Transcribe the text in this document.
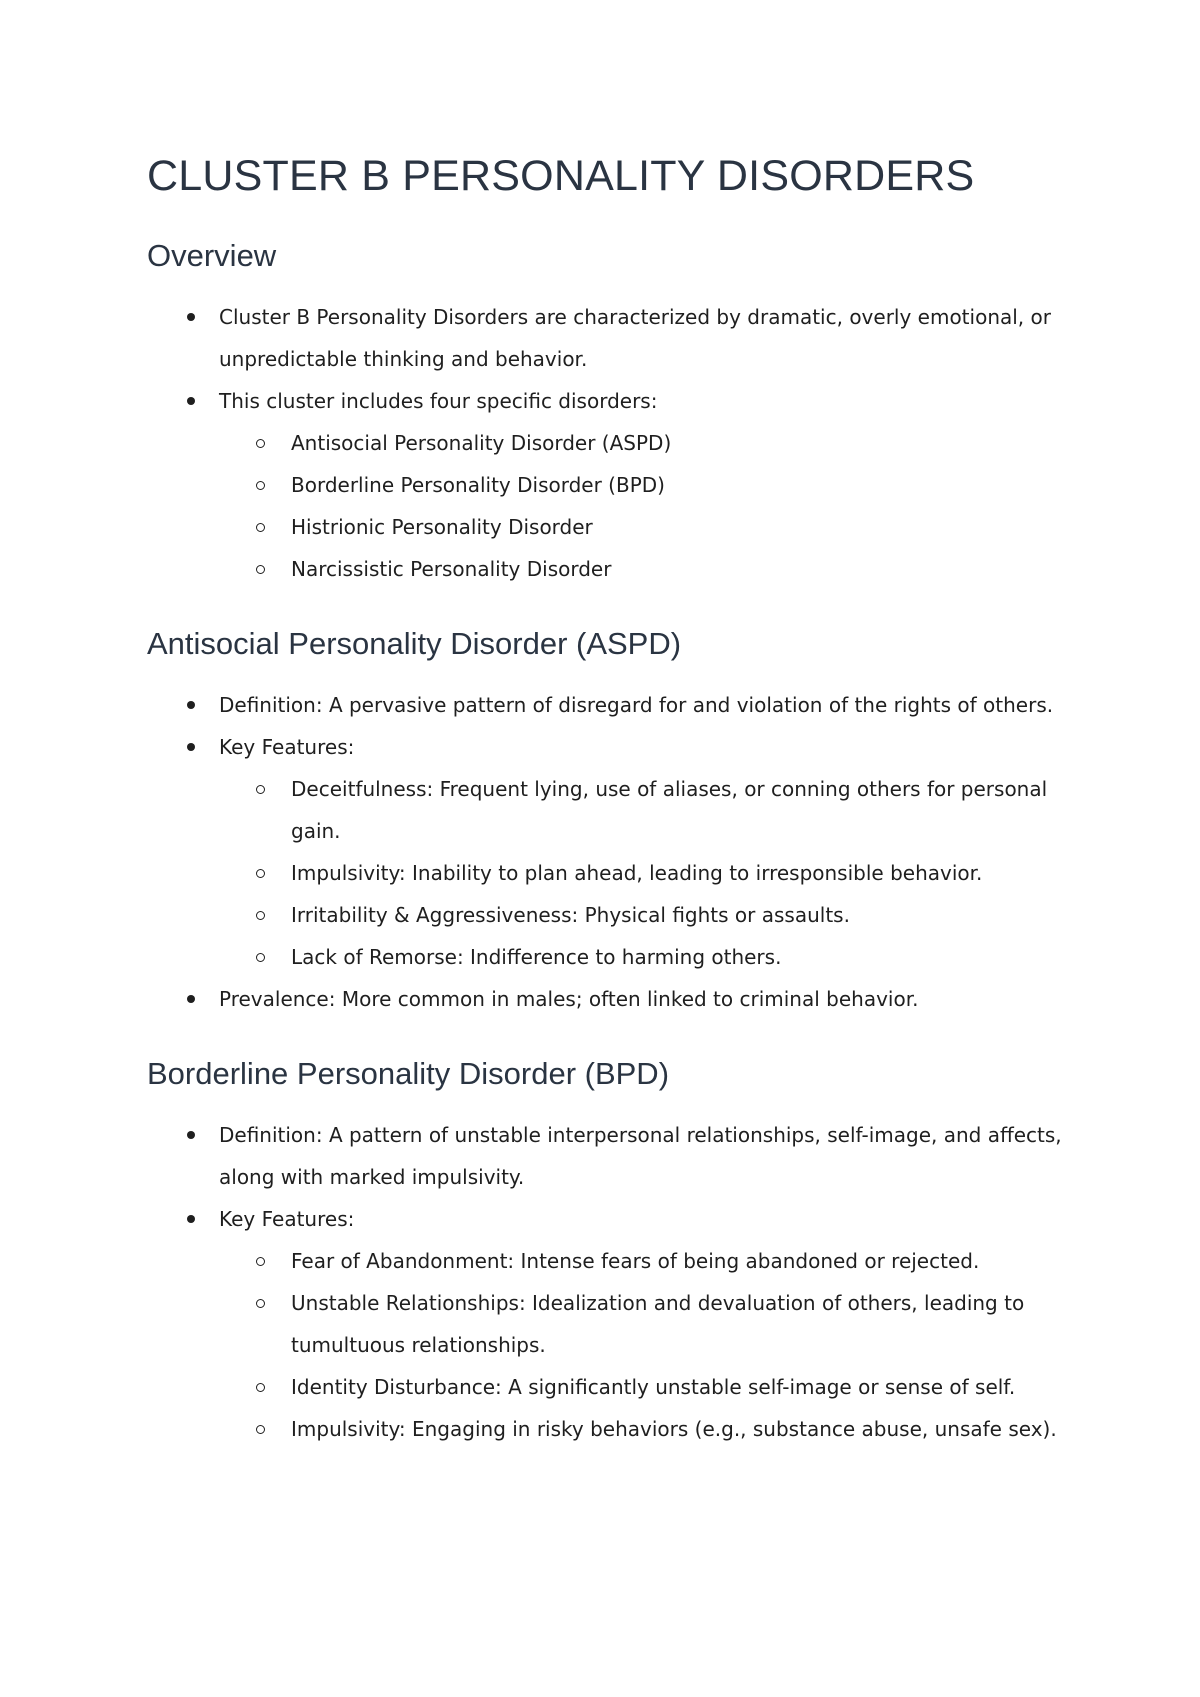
CLUSTER B PERSONALITY DISORDERS
Overview
Cluster B Personality Disorders are characterized by dramatic, overly emotional, or unpredictable thinking and behavior.
This cluster includes four specific disorders:
Antisocial Personality Disorder (ASPD)
Borderline Personality Disorder (BPD)
Histrionic Personality Disorder
Narcissistic Personality Disorder
Antisocial Personality Disorder (ASPD)
Definition: A pervasive pattern of disregard for and violation of the rights of others.
Key Features:
Deceitfulness: Frequent lying, use of aliases, or conning others for personal gain.
Impulsivity: Inability to plan ahead, leading to irresponsible behavior.
Irritability & Aggressiveness: Physical fights or assaults.
Lack of Remorse: Indifference to harming others.
Prevalence: More common in males; often linked to criminal behavior.
Borderline Personality Disorder (BPD)
Definition: A pattern of unstable interpersonal relationships, self-image, and affects, along with marked impulsivity.
Key Features:
Fear of Abandonment: Intense fears of being abandoned or rejected.
Unstable Relationships: Idealization and devaluation of others, leading to tumultuous relationships.
Identity Disturbance: A significantly unstable self-image or sense of self.
Impulsivity: Engaging in risky behaviors (e.g., substance abuse, unsafe sex).
